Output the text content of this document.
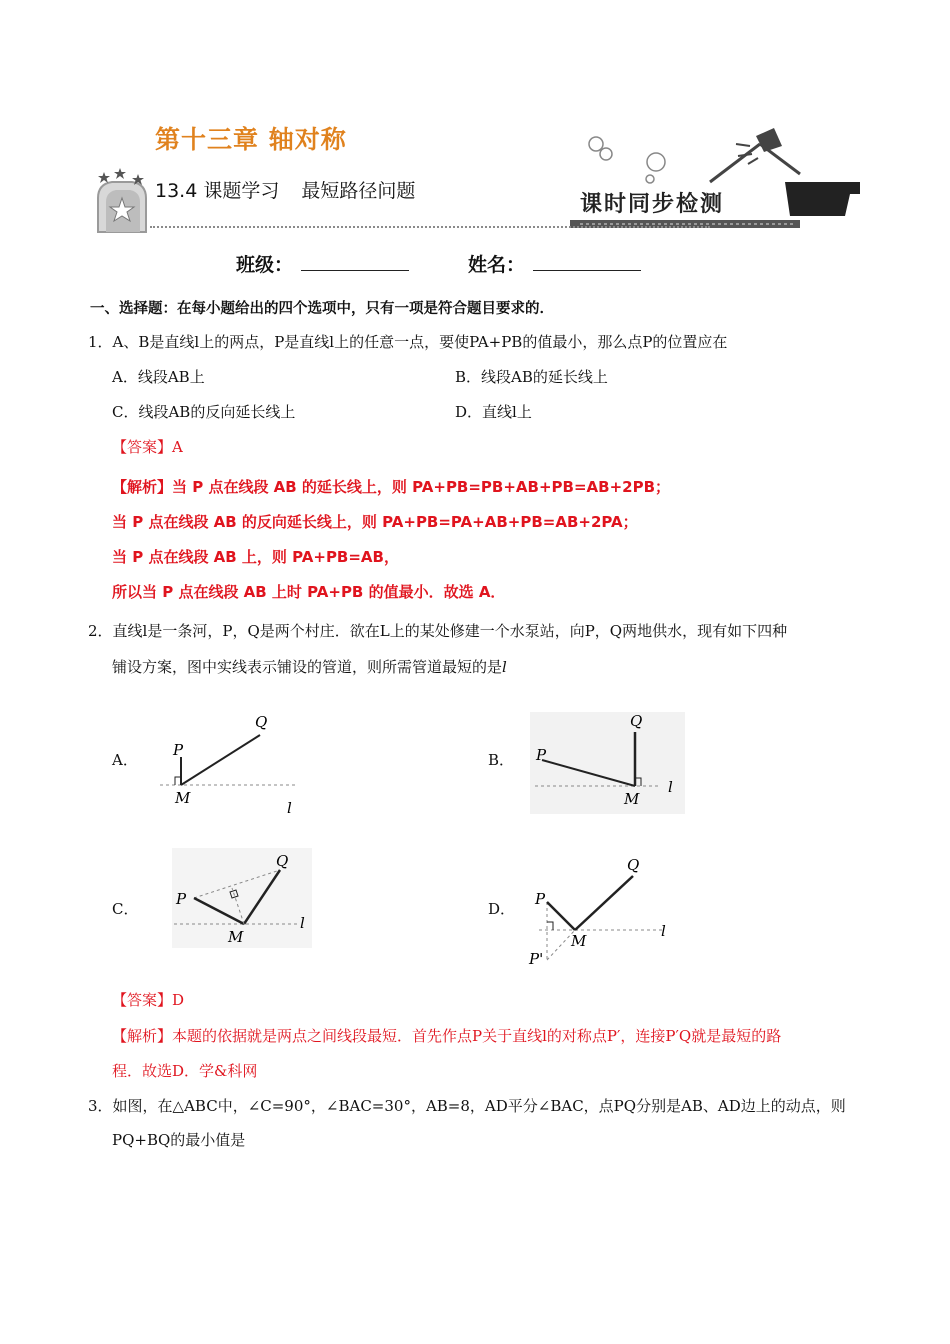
第十三章 轴对称
13.4 课题学习 最短路径问题
课时同步检测
班级：	姓名：
一、选择题：在每小题给出的四个选项中，只有一项是符合题目要求的．
1．A、B是直线l上的两点，P是直线l上的任意一点，要使PA+PB的值最小，那么点P的位置应在
A．线段AB上	B．线段AB的延长线上
C．线段AB的反向延长线上	D．直线l上
【答案】A
【解析】当 P 点在线段 AB 的延长线上，则 PA+PB=PB+AB+PB=AB+2PB；
当 P 点在线段 AB 的反向延长线上，则 PA+PB=PA+AB+PB=AB+2PA；
当 P 点在线段 AB 上，则 PA+PB=AB，
所以当 P 点在线段 AB 上时 PA+PB 的值最小．故选 A．
2．直线l是一条河，P，Q是两个村庄．欲在L上的某处修建一个水泵站，向P，Q两地供水，现有如下四种
铺设方案，图中实线表示铺设的管道，则所需管道最短的是l
A．	B．
C．	D．
P
Q
M
l
P
Q
M
l
P
Q
M
l
P
Q
M
l
P'
【答案】D
【解析】本题的依据就是两点之间线段最短．首先作点P关于直线l的对称点P′，连接P′Q就是最短的路
程．故选D．学&科网
3．如图，在△ABC中，∠C=90°，∠BAC=30°，AB=8，AD平分∠BAC，点PQ分别是AB、AD边上的动点，则
PQ+BQ的最小值是
